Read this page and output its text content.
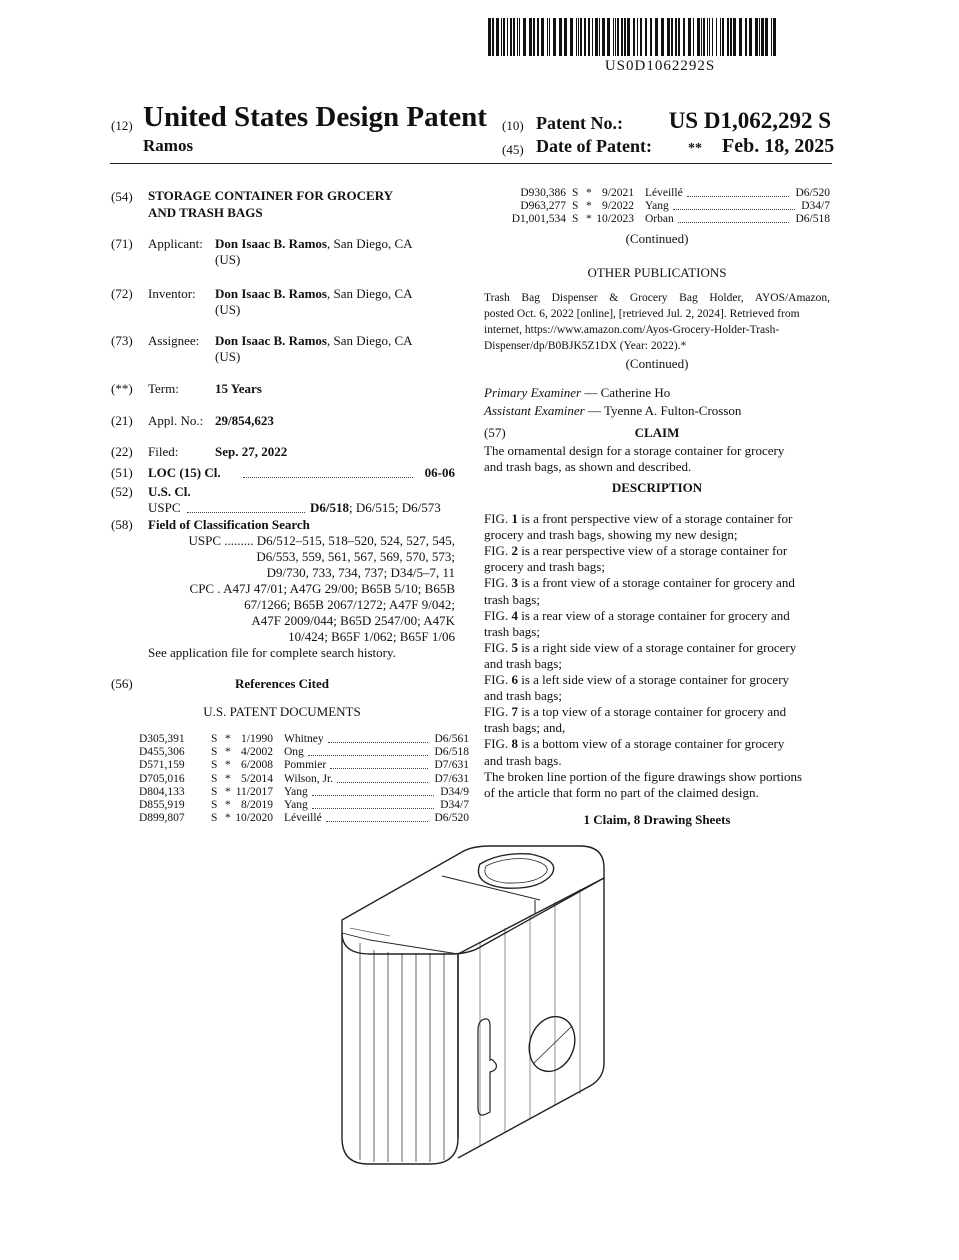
US0D1062292S
(12) United States Design Patent
Ramos
(10) Patent No.:	US D1,062,292 S
(45) Date of Patent:	** Feb. 18, 2025
(54) STORAGE CONTAINER FOR GROCERY
AND TRASH BAGS
(71) Applicant: Don Isaac B. Ramos, San Diego, CA
(US)
(72) Inventor: Don Isaac B. Ramos, San Diego, CA
(US)
(73) Assignee: Don Isaac B. Ramos, San Diego, CA
(US)
(**) Term:	15 Years
(21) Appl. No.: 29/854,623
(22) Filed:	Sep. 27, 2022
(51) LOC (15) Cl.	06-06
(52) U.S. Cl.
USPC	D6/518; D6/515; D6/573
(58) Field of Classification Search
USPC ......... D6/512–515, 518–520, 524, 527, 545,
D6/553, 559, 561, 567, 569, 570, 573;
D9/730, 733, 734, 737; D34/5–7, 11
CPC . A47J 47/01; A47G 29/00; B65B 5/10; B65B
67/1266; B65B 2067/1272; A47F 9/042;
A47F 2009/044; B65D 2547/00; A47K
10/424; B65F 1/062; B65F 1/06
See application file for complete search history.
(56)	References Cited
U.S. PATENT DOCUMENTS
D305,391 S * 1/1990 Whitney	D6/561
D455,306 S * 4/2002 Ong	D6/518
D571,159 S * 6/2008 Pommier	D7/631
D705,016 S * 5/2014 Wilson, Jr.	D7/631
D804,133 S * 11/2017 Yang	D34/9
D855,919 S * 8/2019 Yang	D34/7
D899,807 S * 10/2020 Léveillé	D6/520
D930,386 S * 9/2021 Léveillé	D6/520
D963,277 S * 9/2022 Yang	D34/7
D1,001,534 S * 10/2023 Orban	D6/518
(Continued)
OTHER PUBLICATIONS
Trash Bag Dispenser & Grocery Bag Holder, AYOS/Amazon,
posted Oct. 6, 2022 [online], [retrieved Jul. 2, 2024]. Retrieved from
internet, https://www.amazon.com/Ayos-Grocery-Holder-Trash-
Dispenser/dp/B0BJK5Z1DX (Year: 2022).*
(Continued)
Primary Examiner — Catherine Ho
Assistant Examiner — Tyenne A. Fulton-Crosson
(57)	CLAIM
The ornamental design for a storage container for grocery
and trash bags, as shown and described.
DESCRIPTION
FIG. 1 is a front perspective view of a storage container for
grocery and trash bags, showing my new design;
FIG. 2 is a rear perspective view of a storage container for
grocery and trash bags;
FIG. 3 is a front view of a storage container for grocery and
trash bags;
FIG. 4 is a rear view of a storage container for grocery and
trash bags;
FIG. 5 is a right side view of a storage container for grocery
and trash bags;
FIG. 6 is a left side view of a storage container for grocery
and trash bags;
FIG. 7 is a top view of a storage container for grocery and
trash bags; and,
FIG. 8 is a bottom view of a storage container for grocery
and trash bags.
The broken line portion of the figure drawings show portions
of the article that form no part of the claimed design.
1 Claim, 8 Drawing Sheets
